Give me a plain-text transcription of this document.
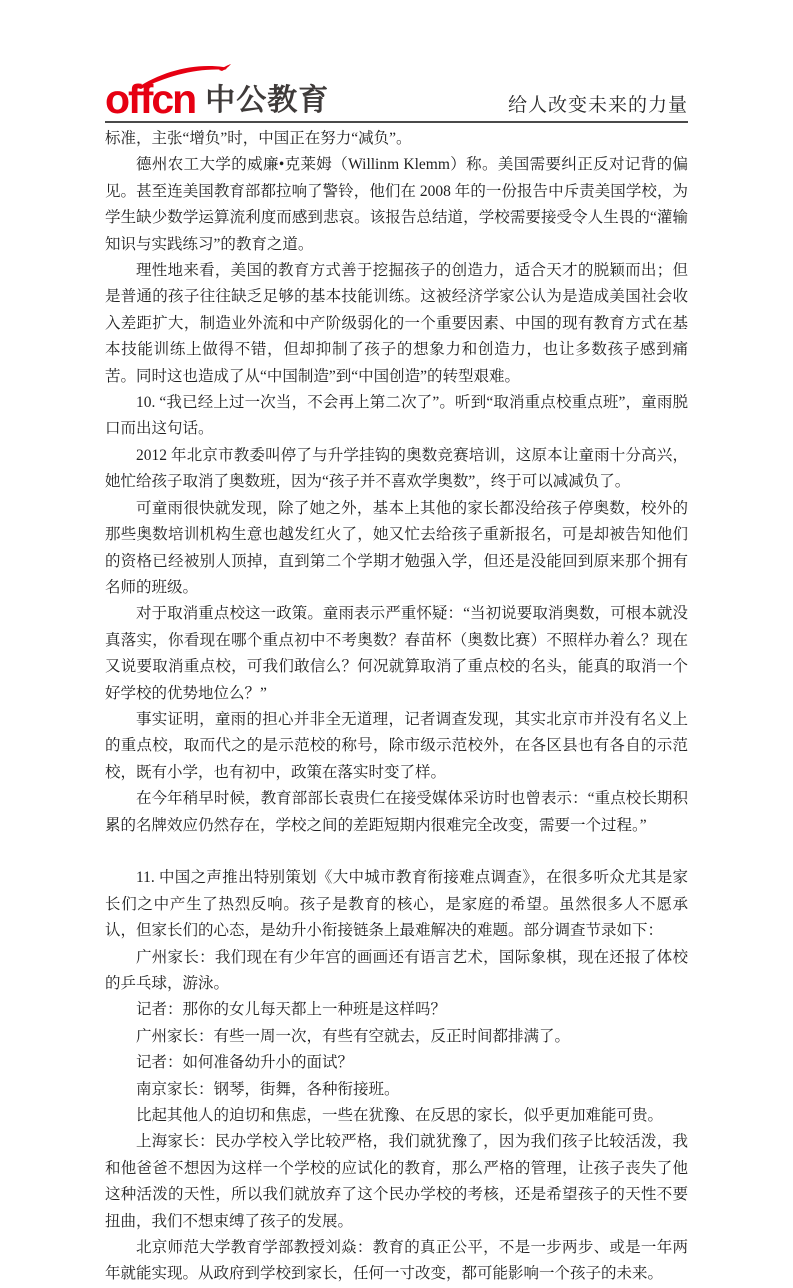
offcn 中公教育	给人改变未来的力量

标准，主张“增负”时，中国正在努力“减负”。

德州农工大学的威廉•克莱姆（Willinm Klemm）称。美国需要纠正反对记背的偏见。甚至连美国教育部都拉响了警铃，他们在 2008 年的一份报告中斥责美国学校，为学生缺少数学运算流利度而感到悲哀。该报告总结道，学校需要接受令人生畏的“灌输知识与实践练习”的教育之道。

理性地来看，美国的教育方式善于挖掘孩子的创造力，适合天才的脱颖而出；但是普通的孩子往往缺乏足够的基本技能训练。这被经济学家公认为是造成美国社会收入差距扩大，制造业外流和中产阶级弱化的一个重要因素、中国的现有教育方式在基本技能训练上做得不错，但却抑制了孩子的想象力和创造力，也让多数孩子感到痛苦。同时这也造成了从“中国制造”到“中国创造”的转型艰难。

10. “我已经上过一次当，不会再上第二次了”。听到“取消重点校重点班”，童雨脱口而出这句话。

2012 年北京市教委叫停了与升学挂钩的奥数竞赛培训，这原本让童雨十分高兴，她忙给孩子取消了奥数班，因为“孩子并不喜欢学奥数”，终于可以减减负了。

可童雨很快就发现，除了她之外，基本上其他的家长都没给孩子停奥数，校外的那些奥数培训机构生意也越发红火了，她又忙去给孩子重新报名，可是却被告知他们的资格已经被别人顶掉，直到第二个学期才勉强入学，但还是没能回到原来那个拥有名师的班级。

对于取消重点校这一政策。童雨表示严重怀疑：“当初说要取消奥数，可根本就没真落实，你看现在哪个重点初中不考奥数？春苗杯（奥数比赛）不照样办着么？现在又说要取消重点校，可我们敢信么？何况就算取消了重点校的名头，能真的取消一个好学校的优势地位么？”

事实证明，童雨的担心并非全无道理，记者调查发现，其实北京市并没有名义上的重点校，取而代之的是示范校的称号，除市级示范校外，在各区县也有各自的示范校，既有小学，也有初中，政策在落实时变了样。

在今年稍早时候，教育部部长袁贵仁在接受媒体采访时也曾表示：“重点校长期积累的名牌效应仍然存在，学校之间的差距短期内很难完全改变，需要一个过程。”

11. 中国之声推出特别策划《大中城市教育衔接难点调查》，在很多听众尤其是家长们之中产生了热烈反响。孩子是教育的核心，是家庭的希望。虽然很多人不愿承认，但家长们的心态，是幼升小衔接链条上最难解决的难题。部分调查节录如下：

广州家长：我们现在有少年宫的画画还有语言艺术，国际象棋，现在还报了体校的乒乓球，游泳。

记者：那你的女儿每天都上一种班是这样吗？

广州家长：有些一周一次，有些有空就去，反正时间都排满了。

记者：如何准备幼升小的面试？

南京家长：钢琴，街舞，各种衔接班。

比起其他人的迫切和焦虑，一些在犹豫、在反思的家长，似乎更加难能可贵。

上海家长：民办学校入学比较严格，我们就犹豫了，因为我们孩子比较活泼，我和他爸爸不想因为这样一个学校的应试化的教育，那么严格的管理，让孩子丧失了他这种活泼的天性，所以我们就放弃了这个民办学校的考核，还是希望孩子的天性不要扭曲，我们不想束缚了孩子的发展。

北京师范大学教育学部教授刘焱：教育的真正公平，不是一步两步、或是一年两年就能实现。从政府到学校到家长，任何一寸改变，都可能影响一个孩子的未来。
